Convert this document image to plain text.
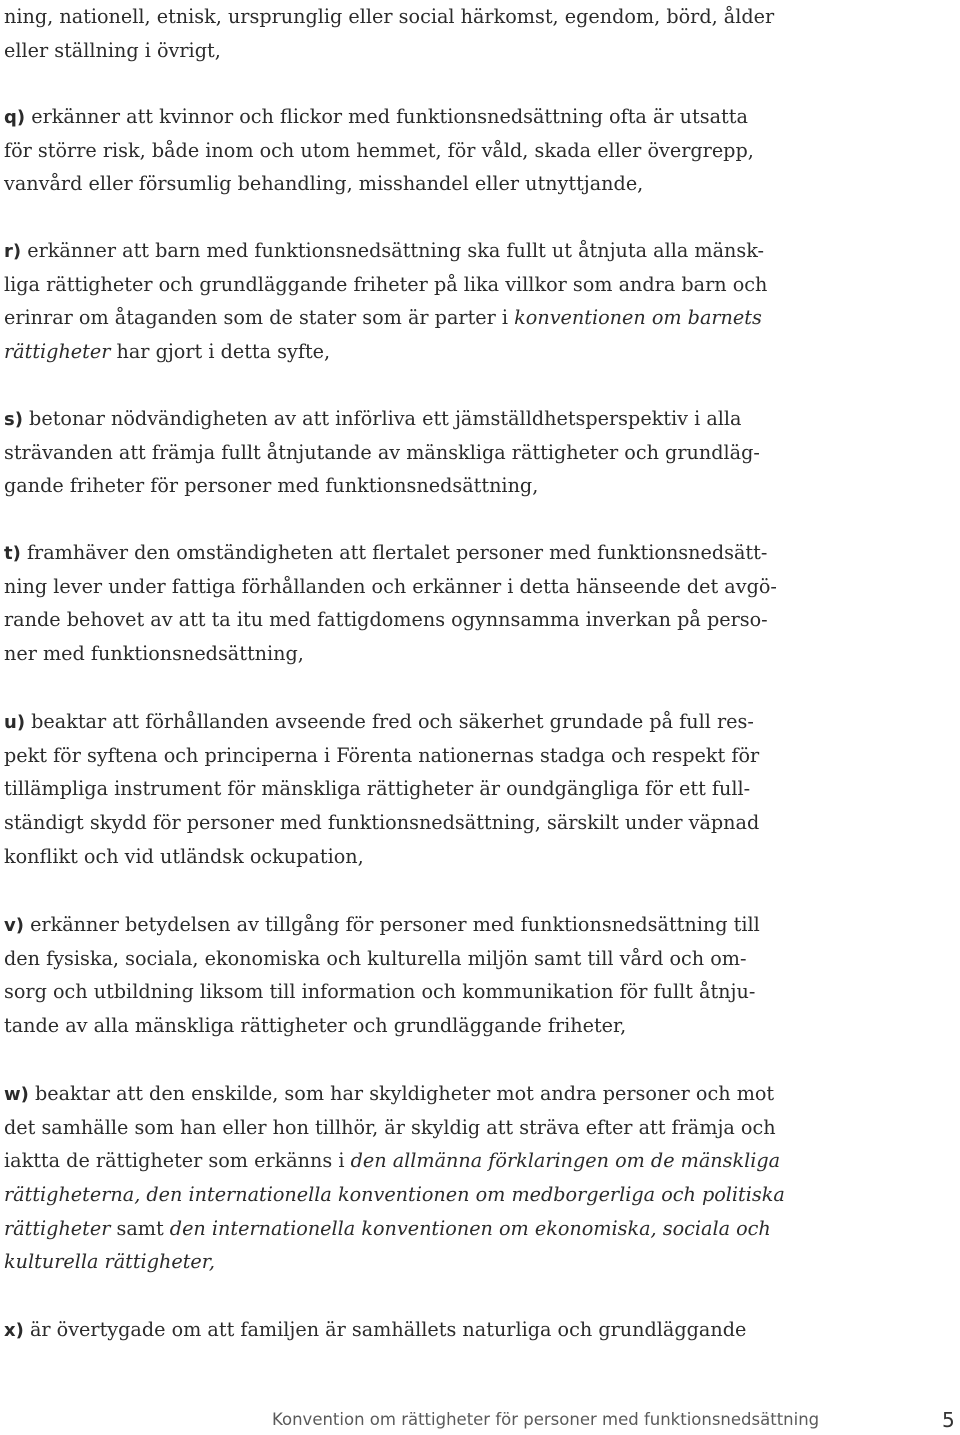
ning, nationell, etnisk, ursprunglig eller social härkomst, egendom, börd, ålder
eller ställning i övrigt,
q) erkänner att kvinnor och flickor med funktionsnedsättning ofta är utsatta
för större risk, både inom och utom hemmet, för våld, skada eller övergrepp,
vanvård eller försumlig behandling, misshandel eller utnyttjande,
r) erkänner att barn med funktionsnedsättning ska fullt ut åtnjuta alla mänsk-
liga rättigheter och grundläggande friheter på lika villkor som andra barn och
erinrar om åtaganden som de stater som är parter i konventionen om barnets
rättigheter har gjort i detta syfte,
s) betonar nödvändigheten av att införliva ett jämställdhetsperspektiv i alla
strävanden att främja fullt åtnjutande av mänskliga rättigheter och grundläg-
gande friheter för personer med funktionsnedsättning,
t) framhäver den omständigheten att flertalet personer med funktionsnedsätt-
ning lever under fattiga förhållanden och erkänner i detta hänseende det avgö-
rande behovet av att ta itu med fattigdomens ogynnsamma inverkan på perso-
ner med funktionsnedsättning,
u) beaktar att förhållanden avseende fred och säkerhet grundade på full res-
pekt för syftena och principerna i Förenta nationernas stadga och respekt för
tillämpliga instrument för mänskliga rättigheter är oundgängliga för ett full-
ständigt skydd för personer med funktionsnedsättning, särskilt under väpnad
konflikt och vid utländsk ockupation,
v) erkänner betydelsen av tillgång för personer med funktionsnedsättning till
den fysiska, sociala, ekonomiska och kulturella miljön samt till vård och om-
sorg och utbildning liksom till information och kommunikation för fullt åtnju-
tande av alla mänskliga rättigheter och grundläggande friheter,
w) beaktar att den enskilde, som har skyldigheter mot andra personer och mot
det samhälle som han eller hon tillhör, är skyldig att sträva efter att främja och
iaktta de rättigheter som erkänns i den allmänna förklaringen om de mänskliga
rättigheterna, den internationella konventionen om medborgerliga och politiska
rättigheter samt den internationella konventionen om ekonomiska, sociala och
kulturella rättigheter,
x) är övertygade om att familjen är samhällets naturliga och grundläggande
Konvention om rättigheter för personer med funktionsnedsättning	5
